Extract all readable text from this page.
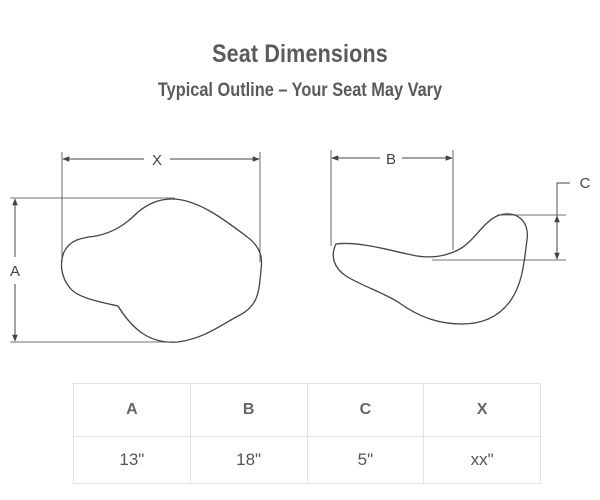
Seat Dimensions
Typical Outline – Your Seat May Vary
X
A
B
C
A	B	C	X
13"	18"	5"	xx"
